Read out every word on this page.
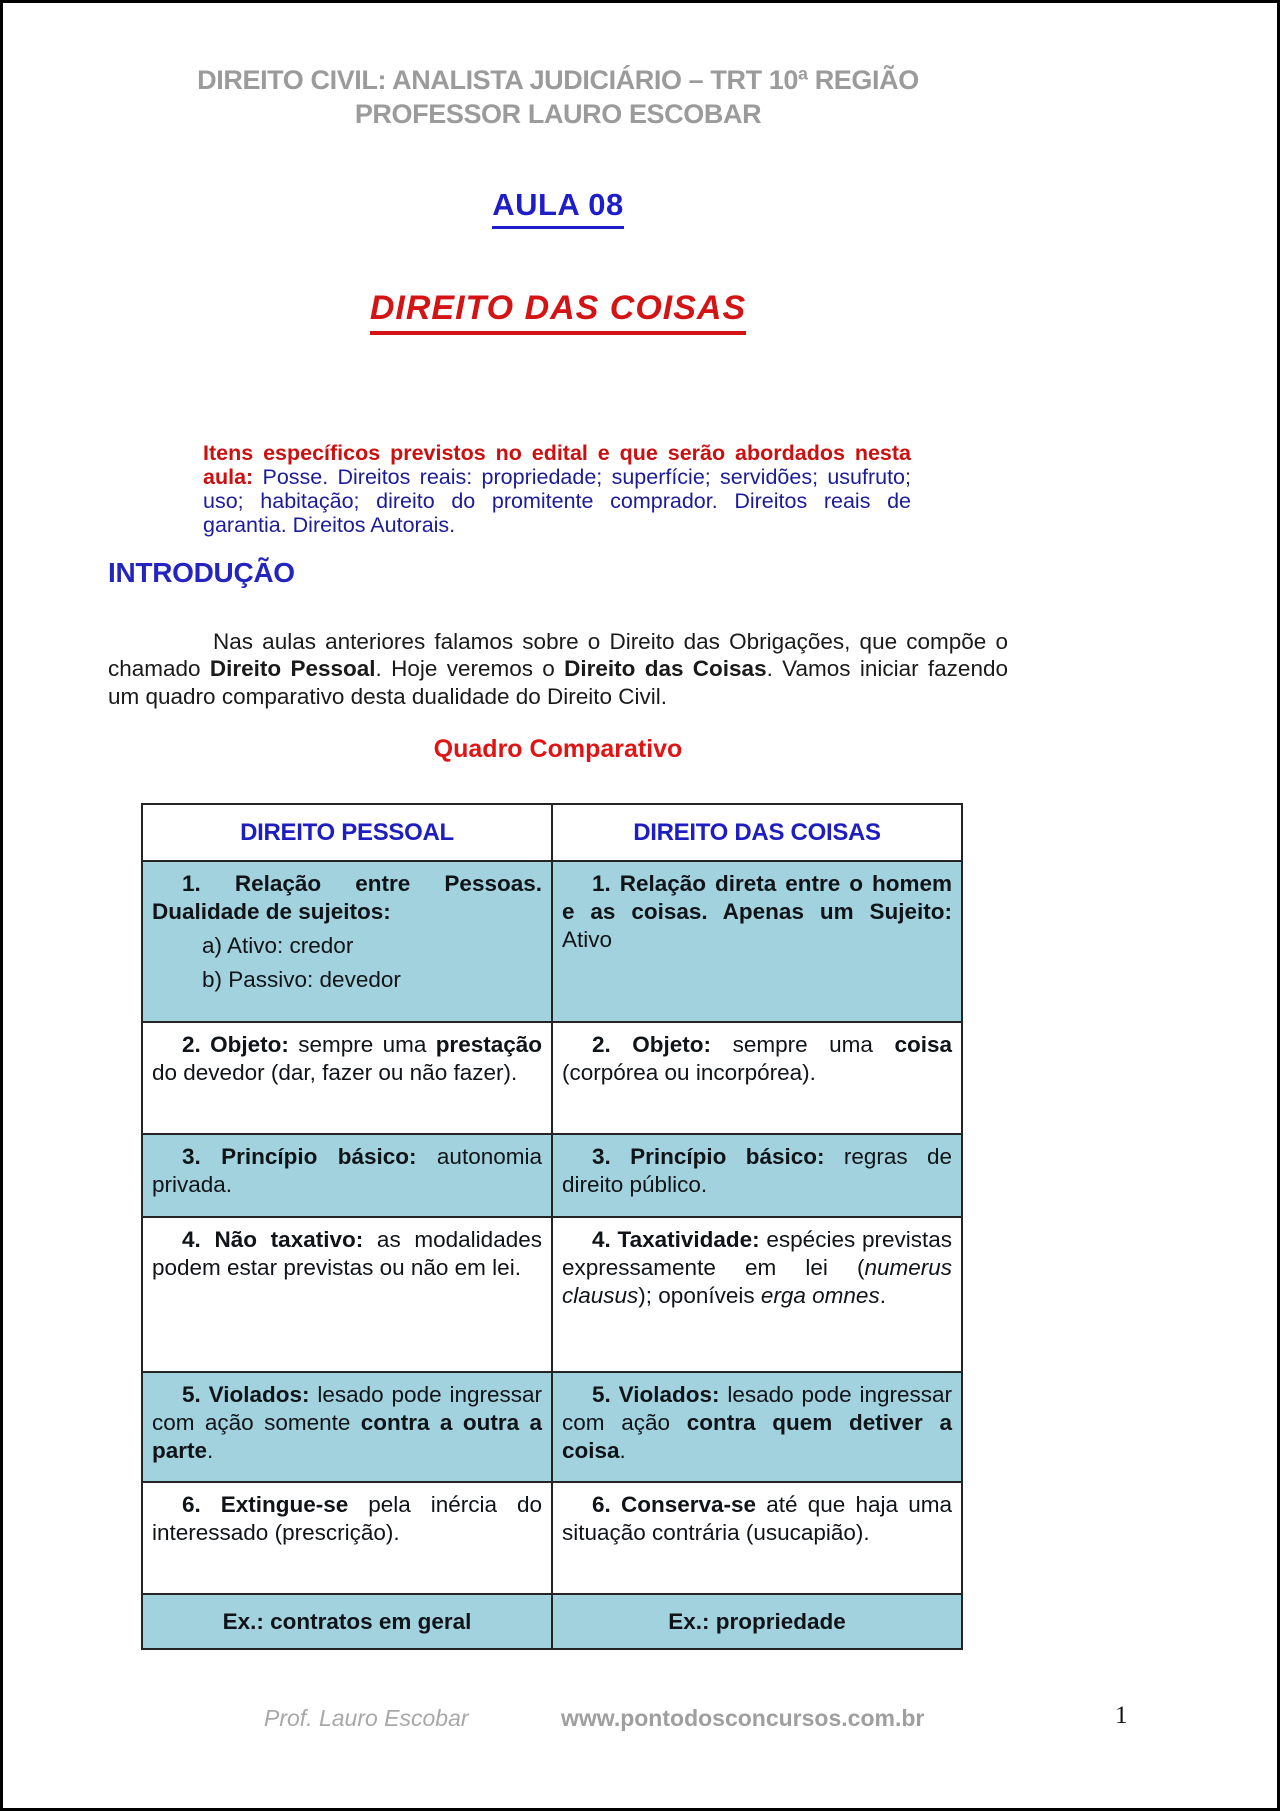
DIREITO CIVIL: ANALISTA JUDICIÁRIO – TRT 10ª REGIÃO
PROFESSOR LAURO ESCOBAR
AULA 08
DIREITO DAS COISAS

Itens específicos previstos no edital e que serão abordados nesta aula: Posse. Direitos reais: propriedade; superfície; servidões; usufruto; uso; habitação; direito do promitente comprador. Direitos reais de garantia. Direitos Autorais.

INTRODUÇÃO

Nas aulas anteriores falamos sobre o Direito das Obrigações, que compõe o chamado Direito Pessoal. Hoje veremos o Direito das Coisas. Vamos iniciar fazendo um quadro comparativo desta dualidade do Direito Civil.

Quadro Comparativo
DIREITO PESSOAL	DIREITO DAS COISAS

1. Relação entre Pessoas. Dualidade de sujeitos:

a) Ativo: credor

b) Passivo: devedor	1. Relação direta entre o homem e as coisas. Apenas um Sujeito: Ativo

2. Objeto: sempre uma prestação do devedor (dar, fazer ou não fazer).	2. Objeto: sempre uma coisa (corpórea ou incorpórea).

3. Princípio básico: autonomia privada.	3. Princípio básico: regras de direito público.

4. Não taxativo: as modalidades podem estar previstas ou não em lei.	4. Taxatividade: espécies previstas expressamente em lei (numerus clausus); oponíveis erga omnes.

5. Violados: lesado pode ingressar com ação somente contra a outra a parte.	5. Violados: lesado pode ingressar com ação contra quem detiver a coisa.

6. Extingue-se pela inércia do interessado (prescrição).	6. Conserva-se até que haja uma situação contrária (usucapião).

Ex.: contratos em geral	Ex.: propriedade
Prof. Lauro Escobar	www.pontodosconcursos.com.br	1
